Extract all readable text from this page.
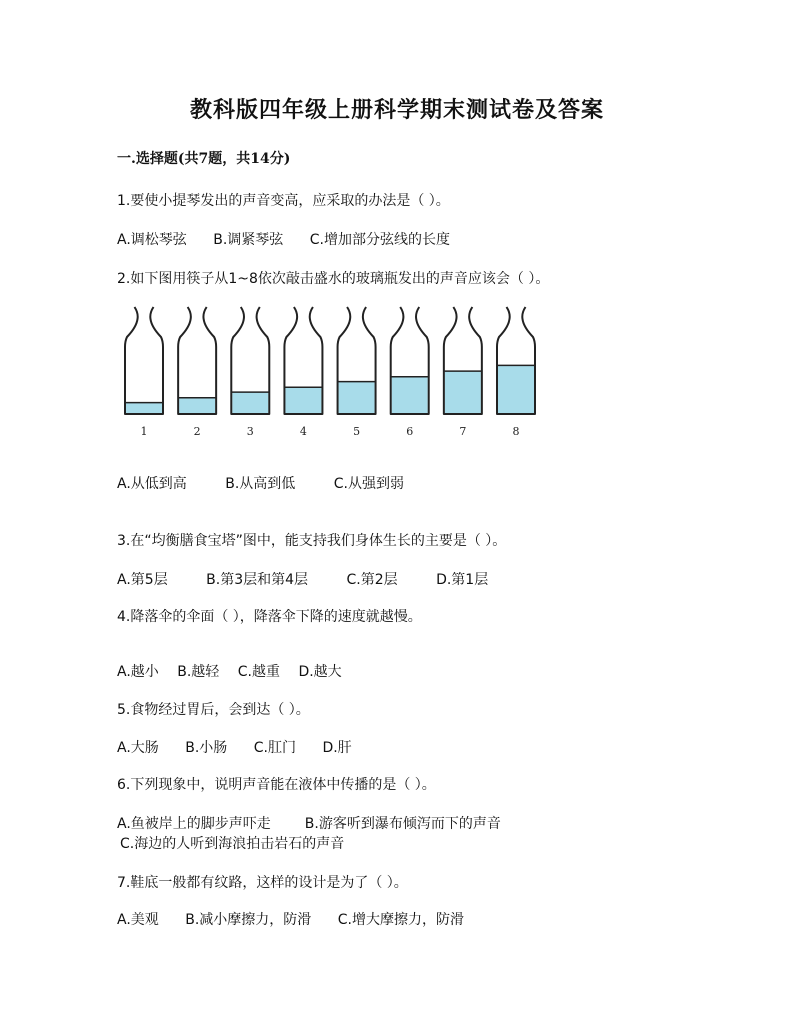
教科版四年级上册科学期末测试卷及答案
一.选择题(共7题，共14分)
1.要使小提琴发出的声音变高，应采取的办法是（ ）。
A.调松琴弦 B.调紧琴弦 C.增加部分弦线的长度
2.如下图用筷子从1~8依次敲击盛水的玻璃瓶发出的声音应该会（ ）。
1	2	3	4	5	6	7	8
A.从低到高	B.从高到低	C.从强到弱
3.在“均衡膳食宝塔”图中，能支持我们身体生长的主要是（ ）。
A.第5层	B.第3层和第4层	C.第2层	D.第1层
4.降落伞的伞面（ ），降落伞下降的速度就越慢。
A.越小 B.越轻 C.越重 D.越大
5.食物经过胃后，会到达（ ）。
A.大肠 B.小肠 C.肛门 D.肝
6.下列现象中，说明声音能在液体中传播的是（ ）。
A.鱼被岸上的脚步声吓走 B.游客听到瀑布倾泻而下的声音
C.海边的人听到海浪拍击岩石的声音
7.鞋底一般都有纹路，这样的设计是为了（ ）。
A.美观 B.减小摩擦力，防滑 C.增大摩擦力，防滑
